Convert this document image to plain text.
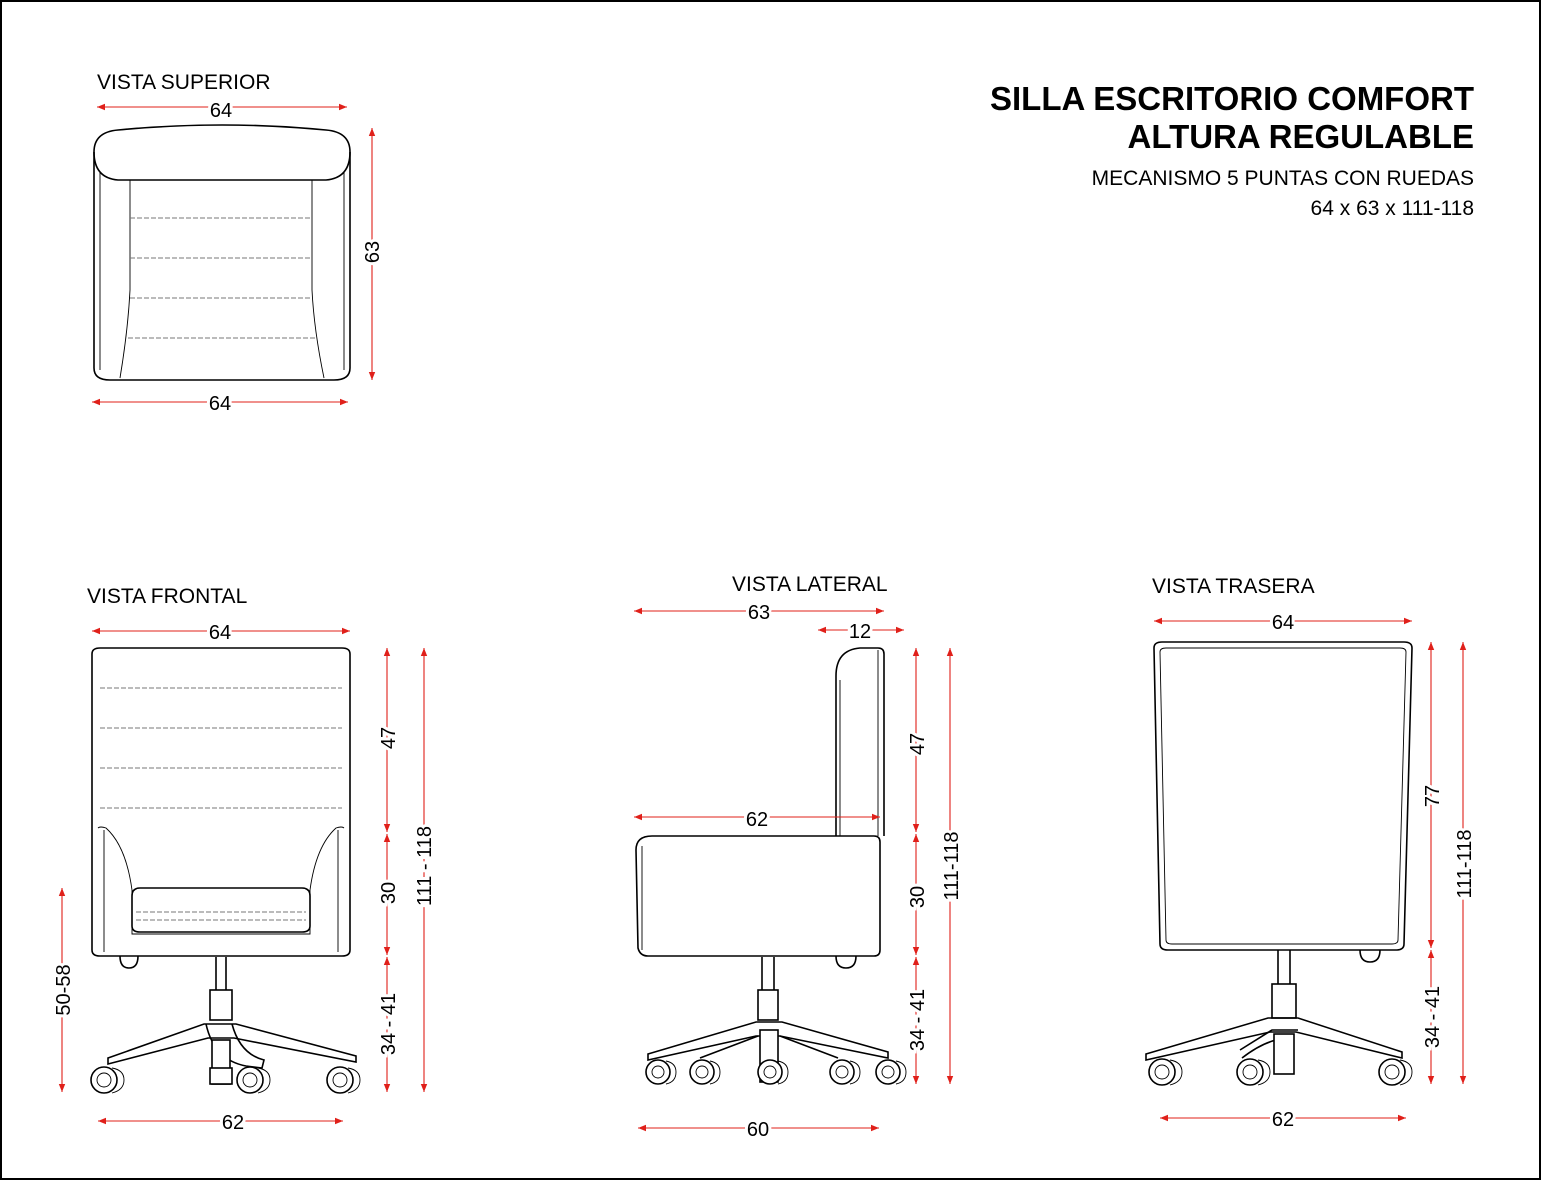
SILLA ESCRITORIO COMFORT
ALTURA REGULABLE
MECANISMO 5 PUNTAS CON RUEDAS
64 x 63 x 111-118
VISTA SUPERIOR
64
63
64
VISTA FRONTAL
64
47
30
34 - 41
111 - 118
50-58
62
VISTA LATERAL
63
12
62
47
30
34 - 41
111-118
60
VISTA TRASERA
64
77
34 - 41
111-118
62
